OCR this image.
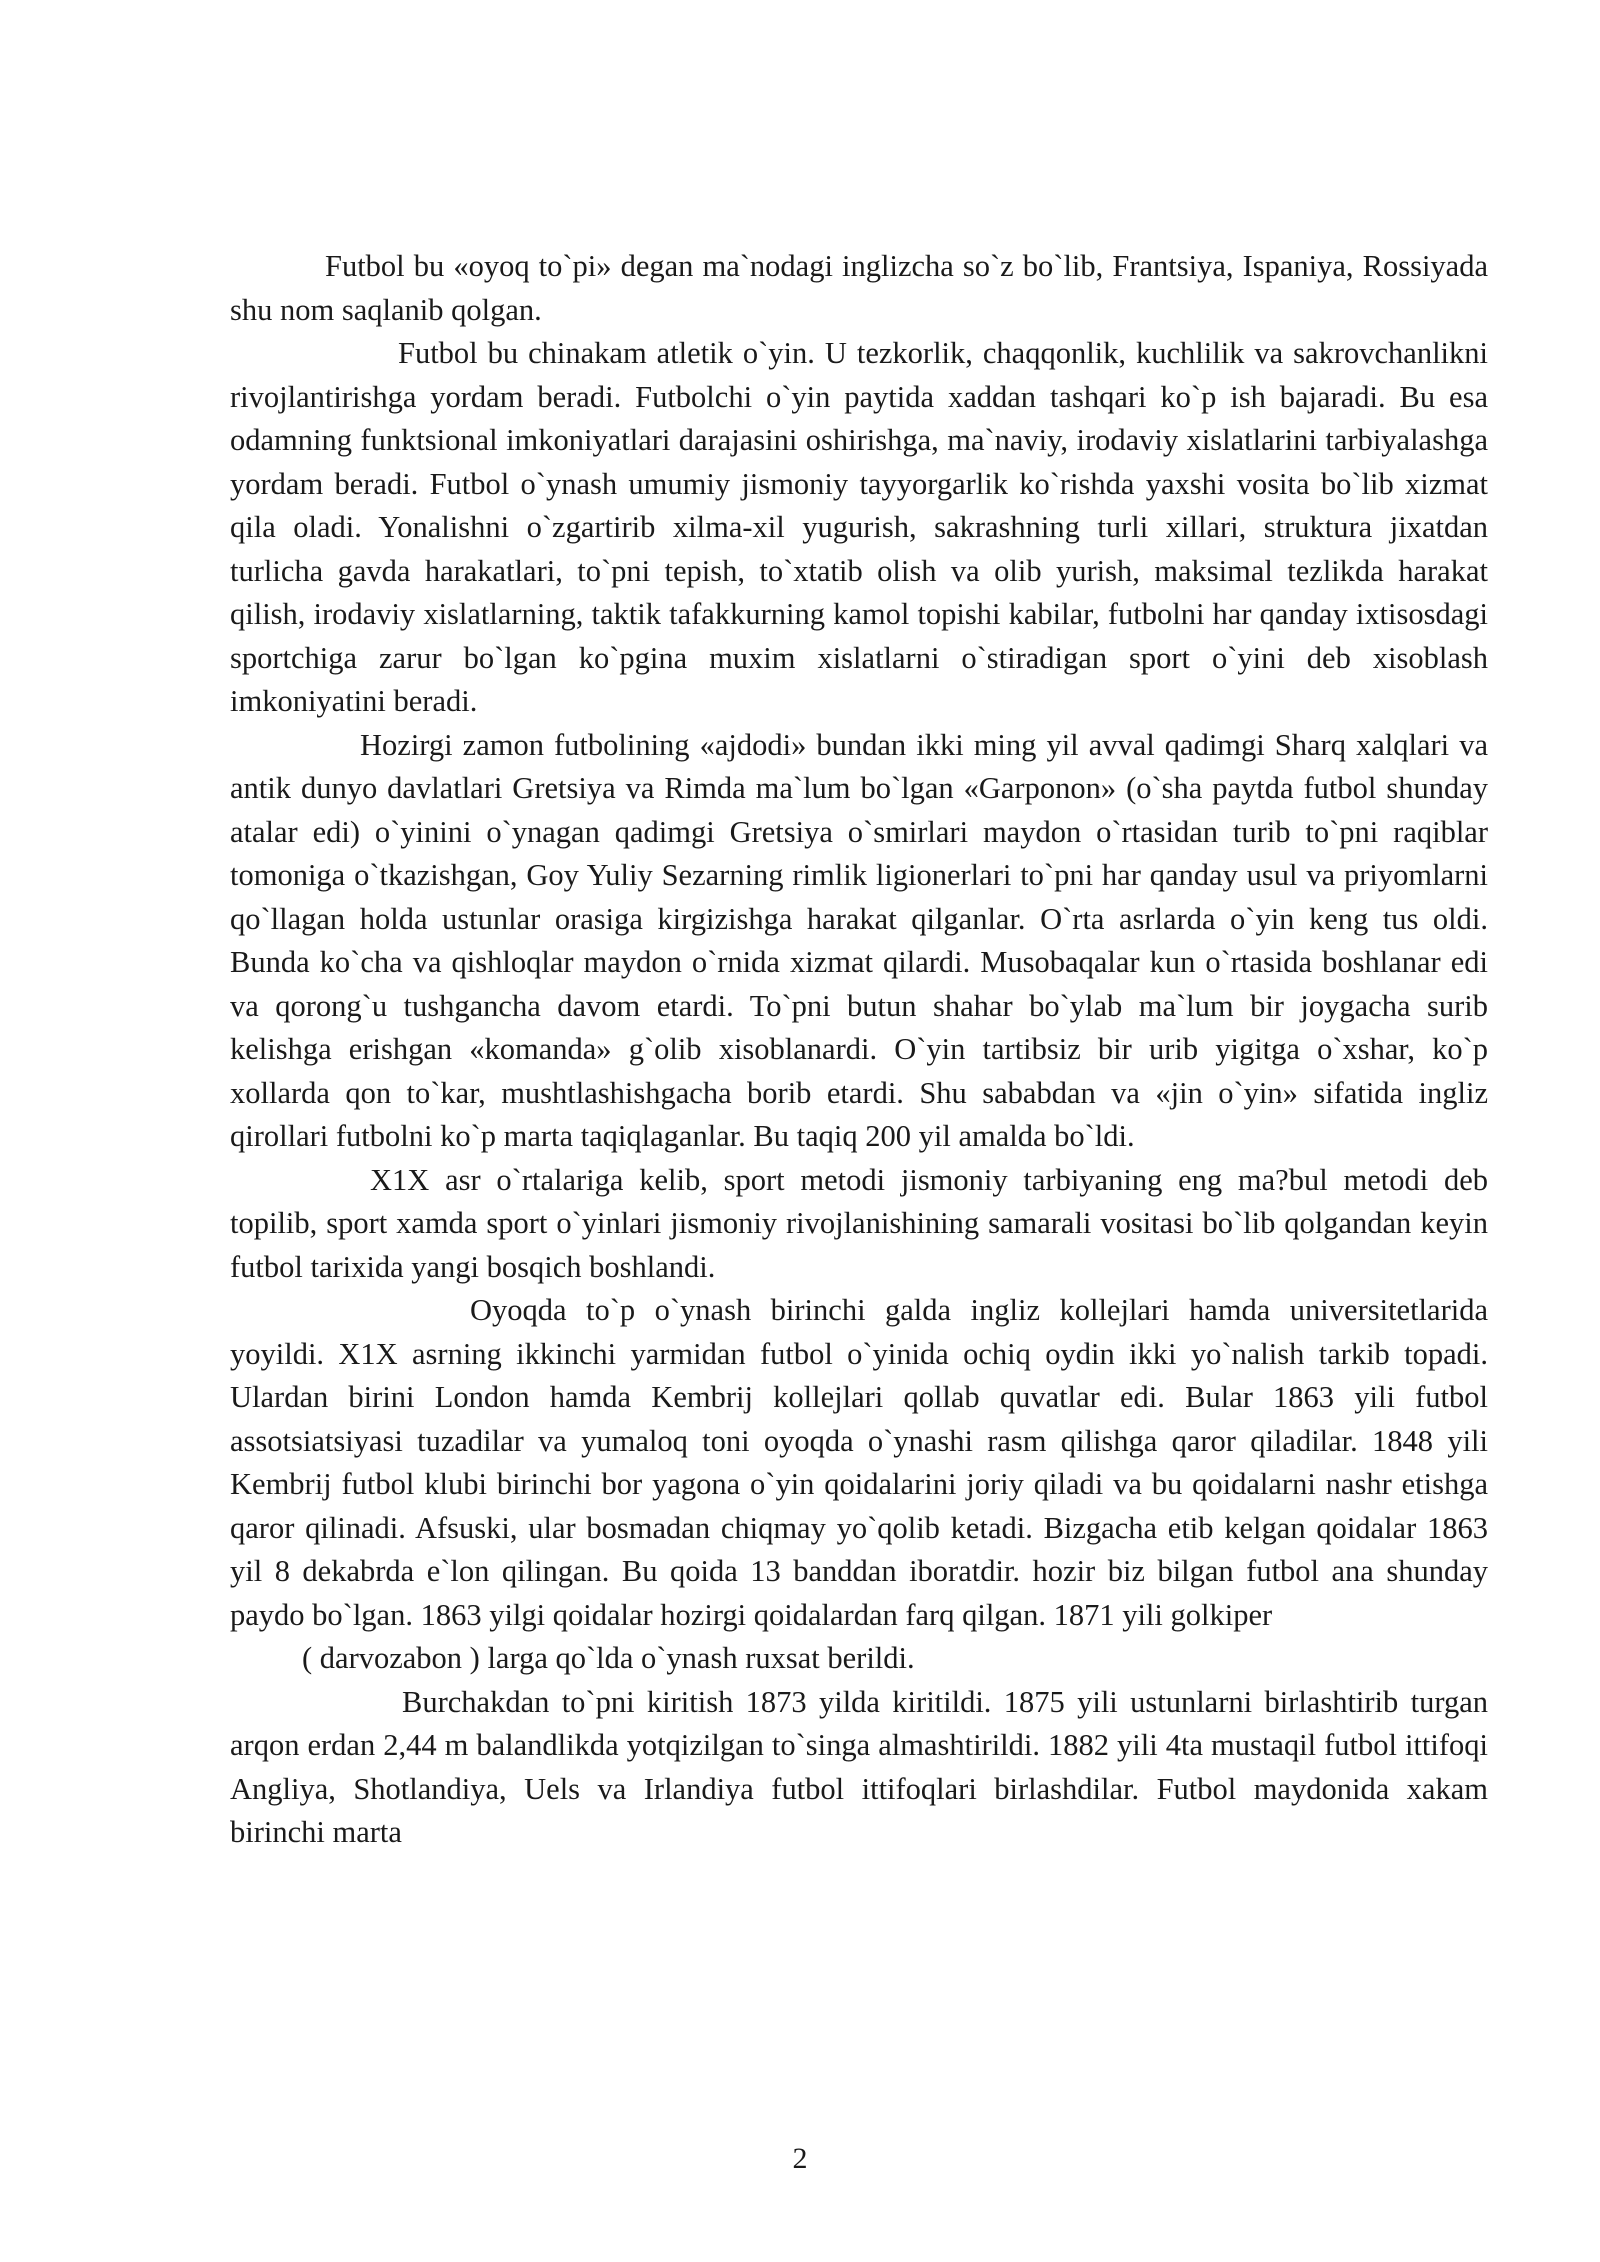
Futbol bu «oyoq to`pi» degan ma`nodagi inglizcha so`z bo`lib, Frantsiya, Ispaniya, Rossiyada shu nom saqlanib qolgan.

Futbol bu chinakam atletik o`yin. U tezkorlik, chaqqonlik, kuchlilik va sakrovchanlikni rivojlantirishga yordam beradi. Futbolchi o`yin paytida xaddan tashqari ko`p ish bajaradi. Bu esa odamning funktsional imkoniyatlari darajasini oshirishga, ma`naviy, irodaviy xislatlarini tarbiyalashga yordam beradi. Futbol o`ynash umumiy jismoniy tayyorgarlik ko`rishda yaxshi vosita bo`lib xizmat qila oladi. Yonalishni o`zgartirib xilma-xil yugurish, sakrashning turli xillari, struktura jixatdan turlicha gavda harakatlari, to`pni tepish, to`xtatib olish va olib yurish, maksimal tezlikda harakat qilish, irodaviy xislatlarning, taktik tafakkurning kamol topishi kabilar, futbolni har qanday ixtisosdagi sportchiga zarur bo`lgan ko`pgina muxim xislatlarni o`stiradigan sport o`yini deb xisoblash imkoniyatini beradi.

Hozirgi zamon futbolining «ajdodi» bundan ikki ming yil avval qadimgi Sharq xalqlari va antik dunyo davlatlari Gretsiya va Rimda ma`lum bo`lgan «Garponon» (o`sha paytda futbol shunday atalar edi) o`yinini o`ynagan qadimgi Gretsiya o`smirlari maydon o`rtasidan turib to`pni raqiblar tomoniga o`tkazishgan, Goy Yuliy Sezarning rimlik ligionerlari to`pni har qanday usul va priyomlarni qo`llagan holda ustunlar orasiga kirgizishga harakat qilganlar. O`rta asrlarda o`yin keng tus oldi. Bunda ko`cha va qishloqlar maydon o`rnida xizmat qilardi. Musobaqalar kun o`rtasida boshlanar edi va qorong`u tushgancha davom etardi. To`pni butun shahar bo`ylab ma`lum bir joygacha surib kelishga erishgan «komanda» g`olib xisoblanardi. O`yin tartibsiz bir urib yigitga o`xshar, ko`p xollarda qon to`kar, mushtlashishgacha borib etardi. Shu sababdan va «jin o`yin» sifatida ingliz qirollari futbolni ko`p marta taqiqlaganlar. Bu taqiq 200 yil amalda bo`ldi.

X1X asr o`rtalariga kelib, sport metodi jismoniy tarbiyaning eng ma?bul metodi deb topilib, sport xamda sport o`yinlari jismoniy rivojlanishining samarali vositasi bo`lib qolgandan keyin futbol tarixida yangi bosqich boshlandi.

Oyoqda to`p o`ynash birinchi galda ingliz kollejlari hamda universitetlarida yoyildi. X1X asrning ikkinchi yarmidan futbol o`yinida ochiq oydin ikki yo`nalish tarkib topadi. Ulardan birini London hamda Kembrij kollejlari qollab quvatlar edi. Bular 1863 yili futbol assotsiatsiyasi tuzadilar va yumaloq toni oyoqda o`ynashi rasm qilishga qaror qiladilar. 1848 yili Kembrij futbol klubi birinchi bor yagona o`yin qoidalarini joriy qiladi va bu qoidalarni nashr etishga qaror qilinadi. Afsuski, ular bosmadan chiqmay yo`qolib ketadi. Bizgacha etib kelgan qoidalar 1863 yil 8 dekabrda e`lon qilingan. Bu qoida 13 banddan iboratdir. hozir biz bilgan futbol ana shunday paydo bo`lgan. 1863 yilgi qoidalar hozirgi qoidalardan farq qilgan. 1871 yili golkiper

( darvozabon ) larga qo`lda o`ynash ruxsat berildi.

Burchakdan to`pni kiritish 1873 yilda kiritildi. 1875 yili ustunlarni birlashtirib turgan arqon erdan 2,44 m balandlikda yotqizilgan to`singa almashtirildi. 1882 yili 4ta mustaqil futbol ittifoqi Angliya, Shotlandiya, Uels va Irlandiya futbol ittifoqlari birlashdilar. Futbol maydonida xakam birinchi marta

2
